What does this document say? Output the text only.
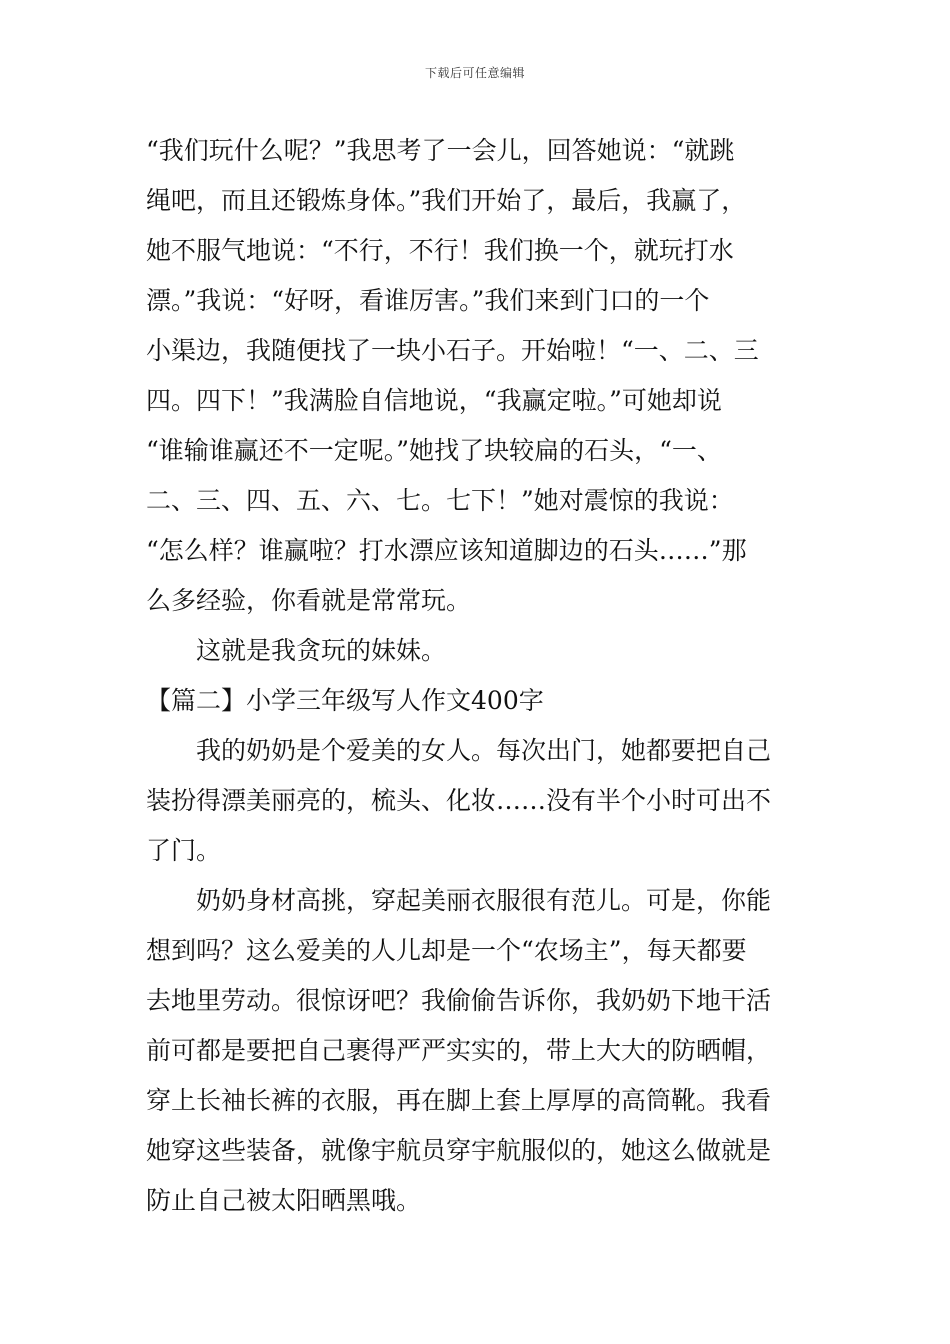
下载后可任意编辑
“我们玩什么呢？”我思考了一会儿，回答她说：“就跳
绳吧，而且还锻炼身体。”我们开始了，最后，我赢了，
她不服气地说：“不行，不行！我们换一个，就玩打水
漂。”我说：“好呀，看谁厉害。”我们来到门口的一个
小渠边，我随便找了一块小石子。开始啦！“一、二、三
四。四下！”我满脸自信地说，“我赢定啦。”可她却说
“谁输谁赢还不一定呢。”她找了块较扁的石头，“一、
二、三、四、五、六、七。七下！”她对震惊的我说：
“怎么样？谁赢啦？打水漂应该知道脚边的石头……”那
么多经验，你看就是常常玩。
这就是我贪玩的妹妹。
【篇二】小学三年级写人作文400字
我的奶奶是个爱美的女人。每次出门，她都要把自己
装扮得漂美丽亮的，梳头、化妆……没有半个小时可出不
了门。
奶奶身材高挑，穿起美丽衣服很有范儿。可是，你能
想到吗？这么爱美的人儿却是一个“农场主”，每天都要
去地里劳动。很惊讶吧？我偷偷告诉你，我奶奶下地干活
前可都是要把自己裹得严严实实的，带上大大的防晒帽，
穿上长袖长裤的衣服，再在脚上套上厚厚的高筒靴。我看
她穿这些装备，就像宇航员穿宇航服似的，她这么做就是
防止自己被太阳晒黑哦。
